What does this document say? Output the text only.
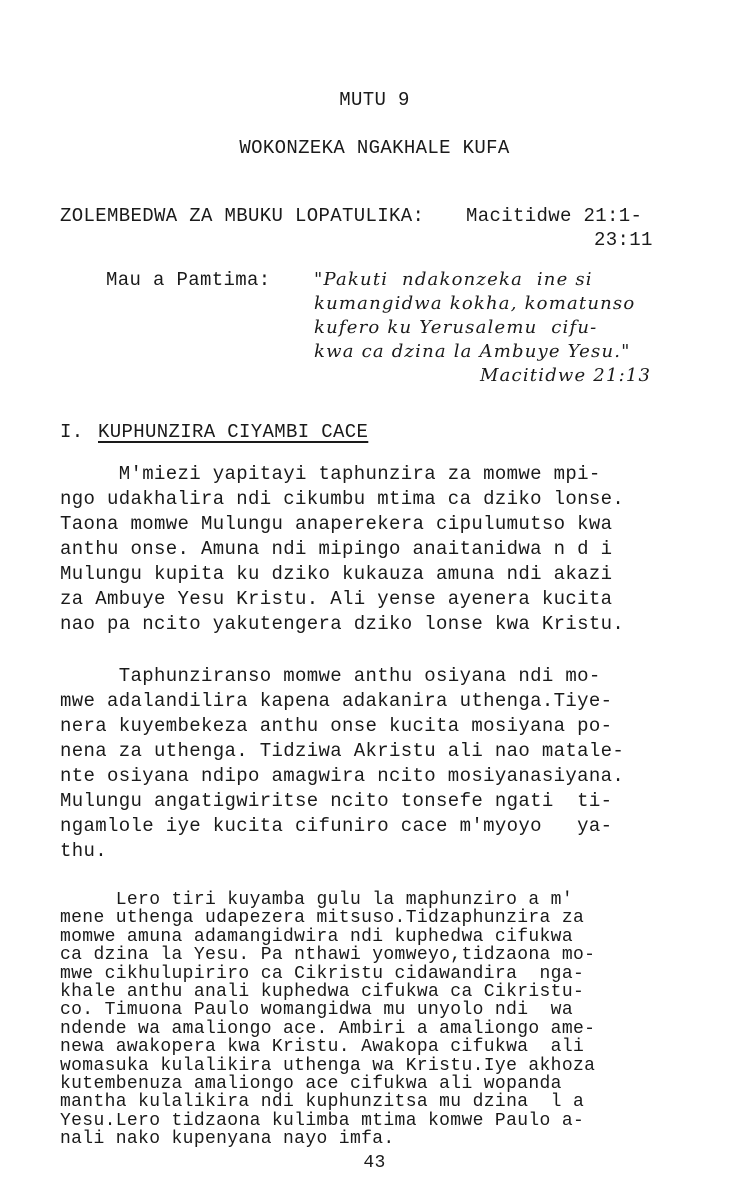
MUTU 9
WOKONZEKA NGAKHALE KUFA
ZOLEMBEDWA ZA MBUKU LOPATULIKA: Macitidwe 21:1-
23:11
Mau a Pamtima: "Pakuti  ndakonzeka  ine si
kumangidwa kokha, komatunso
kufero ku Yerusalemu  cifu-
kwa ca dzina la Ambuye Yesu."
Macitidwe 21:13
I. KUPHUNZIRA CIYAMBI CACE
M'miezi yapitayi taphunzira za momwe mpi-
ngo udakhalira ndi cikumbu mtima ca dziko lonse.
Taona momwe Mulungu anaperekera cipulumutso kwa
anthu onse. Amuna ndi mipingo anaitanidwa n d i
Mulungu kupita ku dziko kukauza amuna ndi akazi
za Ambuye Yesu Kristu. Ali yense ayenera kucita
nao pa ncito yakutengera dziko lonse kwa Kristu.
Taphunziranso momwe anthu osiyana ndi mo-
mwe adalandilira kapena adakanira uthenga.Tiye-
nera kuyembekeza anthu onse kucita mosiyana po-
nena za uthenga. Tidziwa Akristu ali nao matale-
nte osiyana ndipo amagwira ncito mosiyanasiyana.
Mulungu angatigwiritse ncito tonsefe ngati  ti-
ngamlole iye kucita cifuniro cace m'myoyo   ya-
thu.
Lero tiri kuyamba gulu la maphunziro a m'
mene uthenga udapezera mitsuso.Tidzaphunzira za
momwe amuna adamangidwira ndi kuphedwa cifukwa
ca dzina la Yesu. Pa nthawi yomweyo,tidzaona mo-
mwe cikhulupiriro ca Cikristu cidawandira  nga-
khale anthu anali kuphedwa cifukwa ca Cikristu-
co. Timuona Paulo womangidwa mu unyolo ndi  wa
ndende wa amaliongo ace. Ambiri a amaliongo ame-
newa awakopera kwa Kristu. Awakopa cifukwa  ali
womasuka kulalikira uthenga wa Kristu.Iye akhoza
kutembenuza amaliongo ace cifukwa ali wopanda
mantha kulalikira ndi kuphunzitsa mu dzina  l a
Yesu.Lero tidzaona kulimba mtima komwe Paulo a-
nali nako kupenyana nayo imfa.
43
